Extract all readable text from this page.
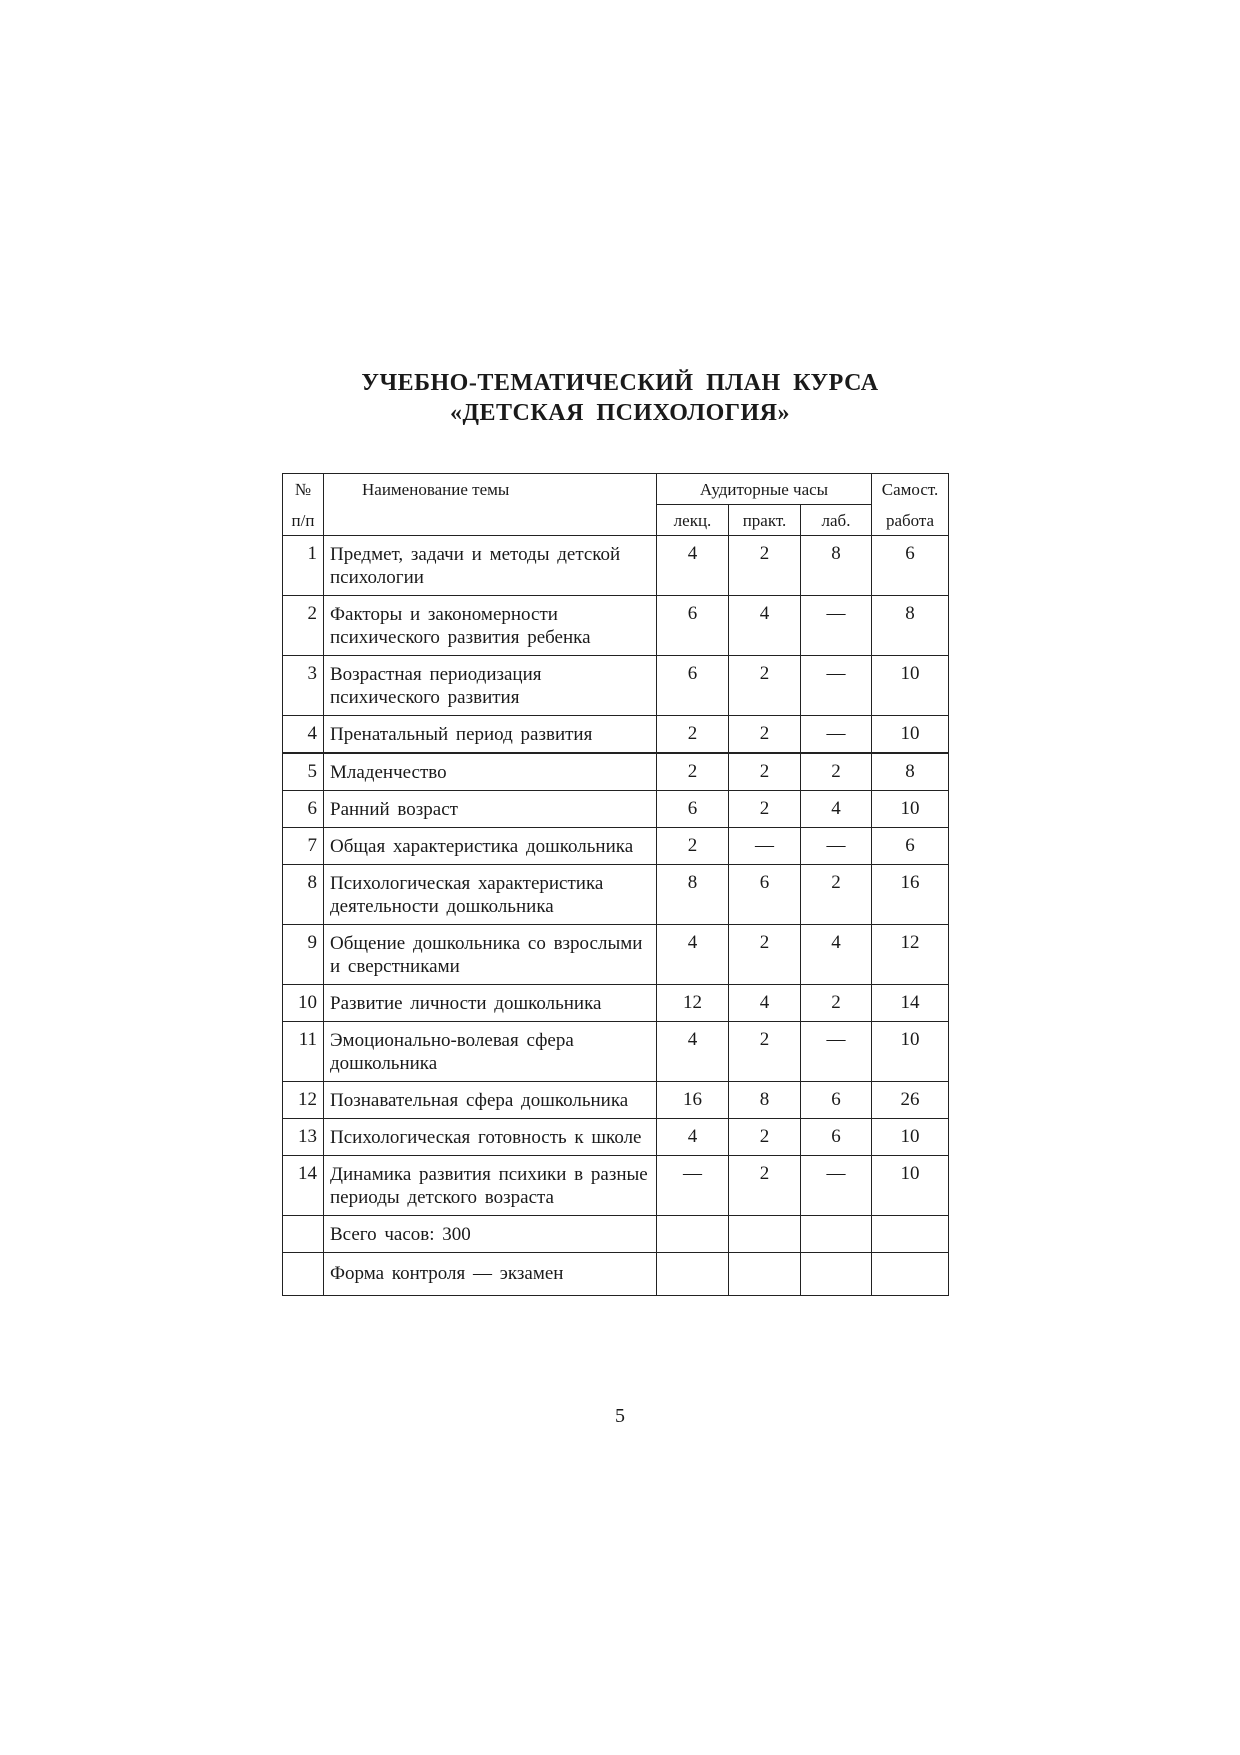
УЧЕБНО-ТЕМАТИЧЕСКИЙ ПЛАН КУРСА
«ДЕТСКАЯ ПСИХОЛОГИЯ»
№	Наименование темы	Аудиторные часы			Самост.
п/п		лекц.	практ.	лаб.	работа
1	Предмет, задачи и методы детской психологии	4	2	8	6
2	Факторы и закономерности психического развития ребенка	6	4	—	8
3	Возрастная периодизация психического развития	6	2	—	10
4	Пренатальный период развития	2	2	—	10
5	Младенчество	2	2	2	8
6	Ранний возраст	6	2	4	10
7	Общая характеристика дошкольника	2	—	—	6
8	Психологическая характеристика деятельности дошкольника	8	6	2	16
9	Общение дошкольника со взрослыми и сверстниками	4	2	4	12
10	Развитие личности дошкольника	12	4	2	14
11	Эмоционально-волевая сфера дошкольника	4	2	—	10
12	Познавательная сфера дошкольника	16	8	6	26
13	Психологическая готовность к школе	4	2	6	10
14	Динамика развития психики в разные периоды детского возраста	—	2	—	10
	Всего часов: 300				
	Форма контроля — экзамен				
5
